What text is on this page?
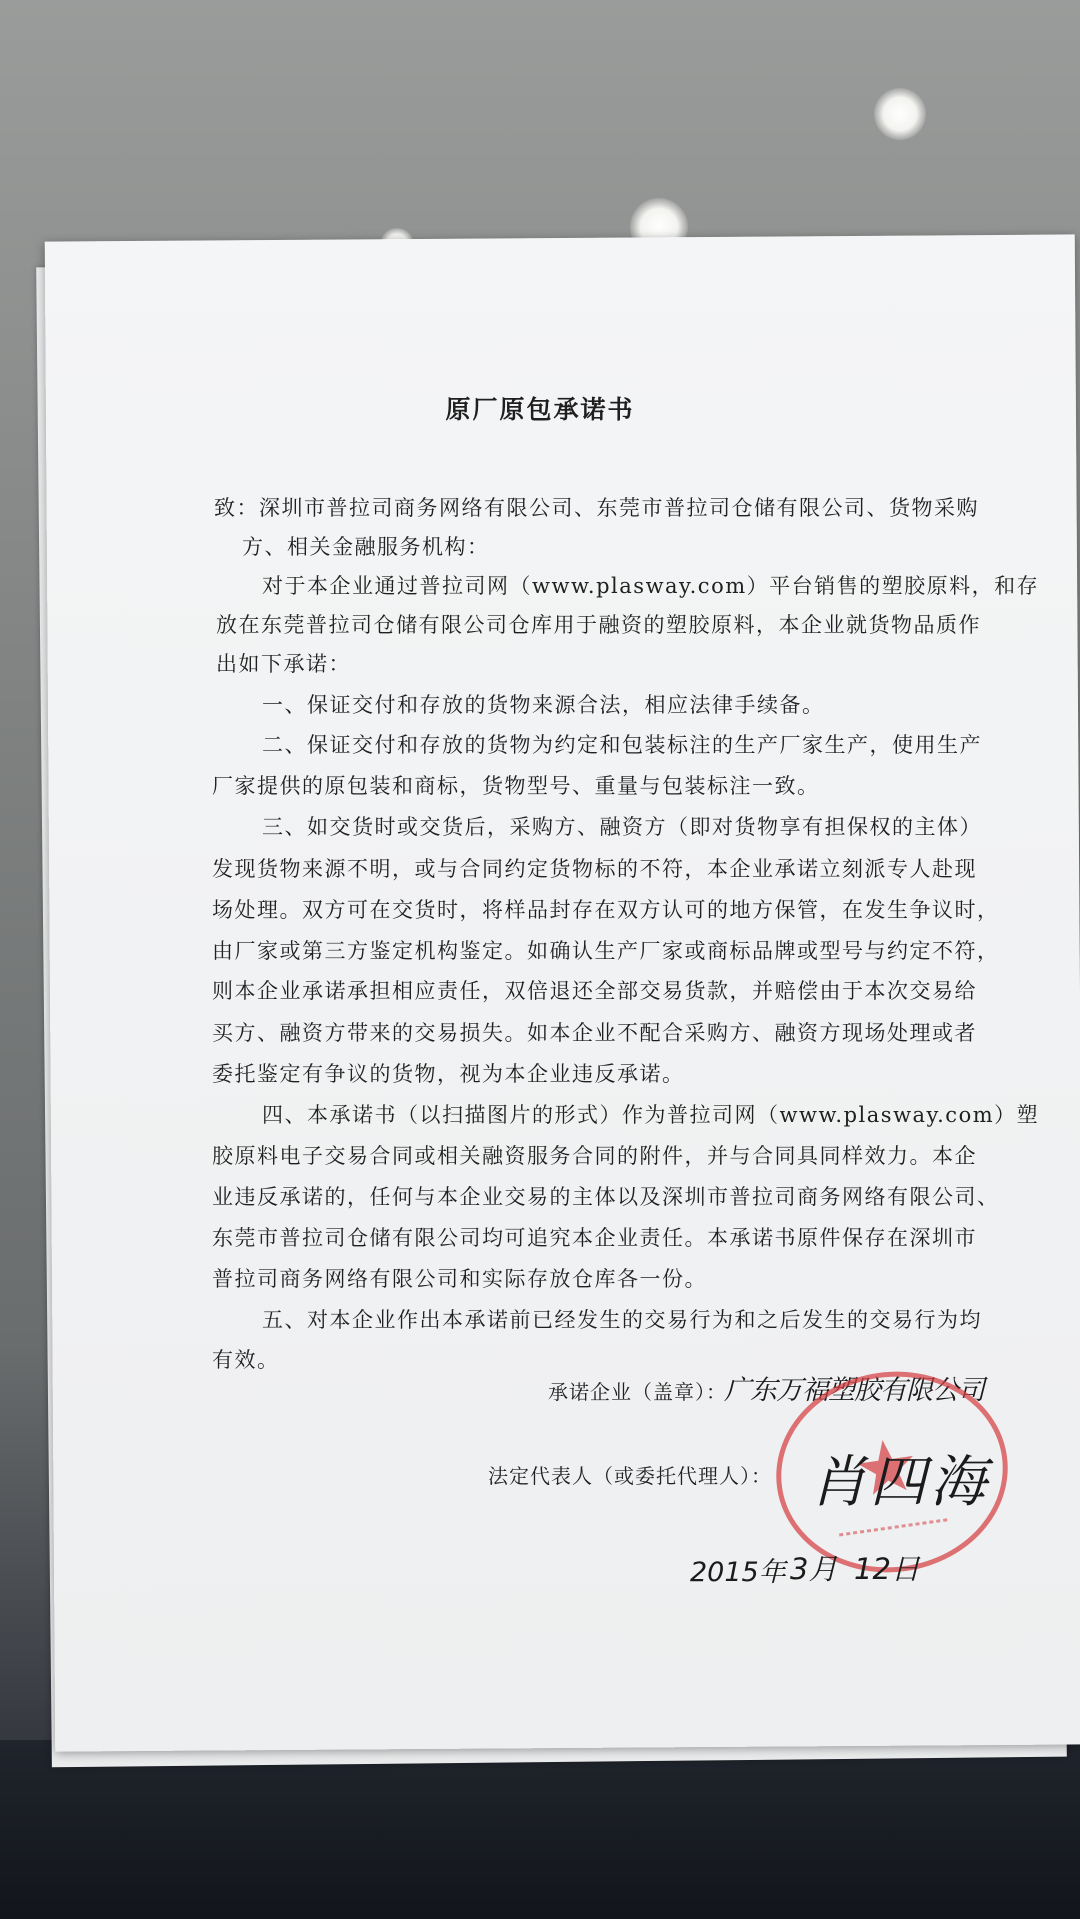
原厂原包承诺书
致：深圳市普拉司商务网络有限公司、东莞市普拉司仓储有限公司、货物采购
方、相关金融服务机构：
对于本企业通过普拉司网（www.plasway.com）平台销售的塑胶原料，和存
放在东莞普拉司仓储有限公司仓库用于融资的塑胶原料，本企业就货物品质作
出如下承诺：
一、保证交付和存放的货物来源合法，相应法律手续备。
二、保证交付和存放的货物为约定和包装标注的生产厂家生产，使用生产
厂家提供的原包装和商标，货物型号、重量与包装标注一致。
三、如交货时或交货后，采购方、融资方（即对货物享有担保权的主体）
发现货物来源不明，或与合同约定货物标的不符，本企业承诺立刻派专人赴现
场处理。双方可在交货时，将样品封存在双方认可的地方保管，在发生争议时，
由厂家或第三方鉴定机构鉴定。如确认生产厂家或商标品牌或型号与约定不符，
则本企业承诺承担相应责任，双倍退还全部交易货款，并赔偿由于本次交易给
买方、融资方带来的交易损失。如本企业不配合采购方、融资方现场处理或者
委托鉴定有争议的货物，视为本企业违反承诺。
四、本承诺书（以扫描图片的形式）作为普拉司网（www.plasway.com）塑
胶原料电子交易合同或相关融资服务合同的附件，并与合同具同样效力。本企
业违反承诺的，任何与本企业交易的主体以及深圳市普拉司商务网络有限公司、
东莞市普拉司仓储有限公司均可追究本企业责任。本承诺书原件保存在深圳市
普拉司商务网络有限公司和实际存放仓库各一份。
五、对本企业作出本承诺前已经发生的交易行为和之后发生的交易行为均
有效。
承诺企业（盖章）：
广东万福塑胶有限公司
法定代表人（或委托代理人）： 肖四海
2015年 3月 12日
